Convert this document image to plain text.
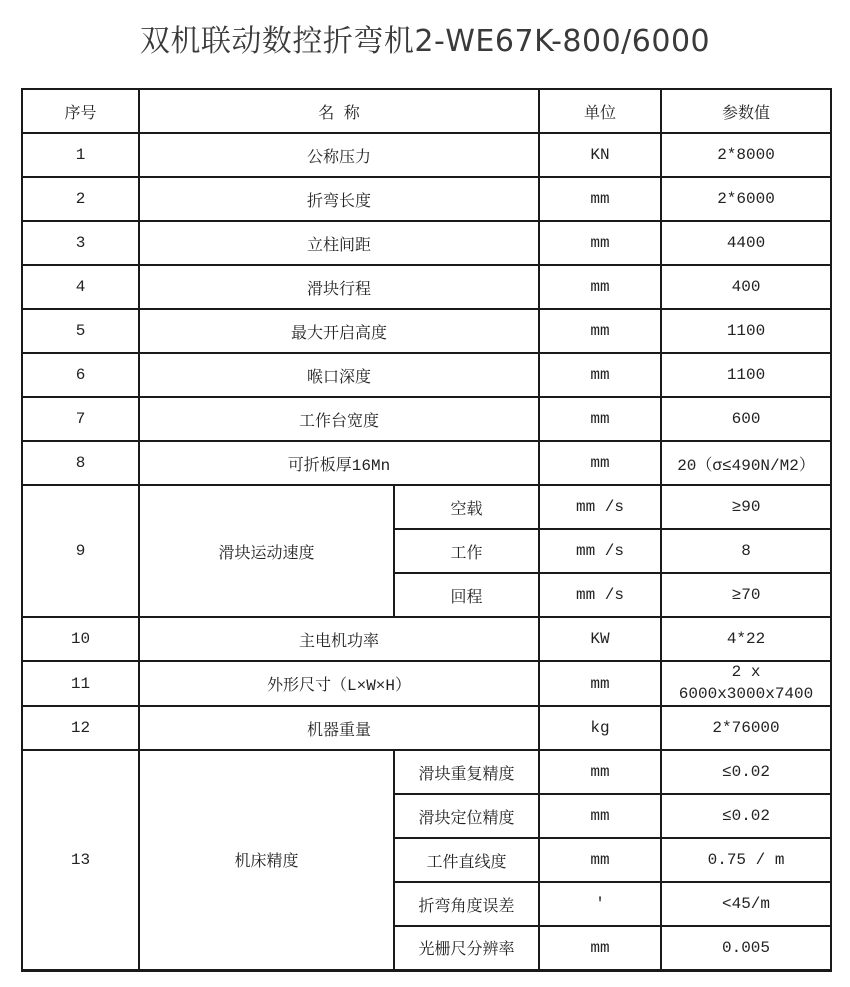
双机联动数控折弯机2-WE67K-800/6000
序号	名 称		单位	参数值
1	公称压力		KN	2*8000
2	折弯长度		mm	2*6000
3	立柱间距		mm	4400
4	滑块行程		mm	400
5	最大开启高度		mm	1100
6	喉口深度		mm	1100
7	工作台宽度		mm	600
8	可折板厚16Mn		mm	20（σ≤490N/M2）
9	滑块运动速度	空载	mm /s	≥90
		工作	mm /s	8
		回程	mm /s	≥70
10	主电机功率		KW	4*22
11	外形尺寸（L×W×H）		mm	2 x
6000x3000x7400

12	机器重量		kg	2*76000
13	机床精度	滑块重复精度	mm	≤0.02
		滑块定位精度	mm	≤0.02
		工件直线度	mm	0.75 / m
		折弯角度误差	′	<45/m
		光栅尺分辨率	mm	0.005
